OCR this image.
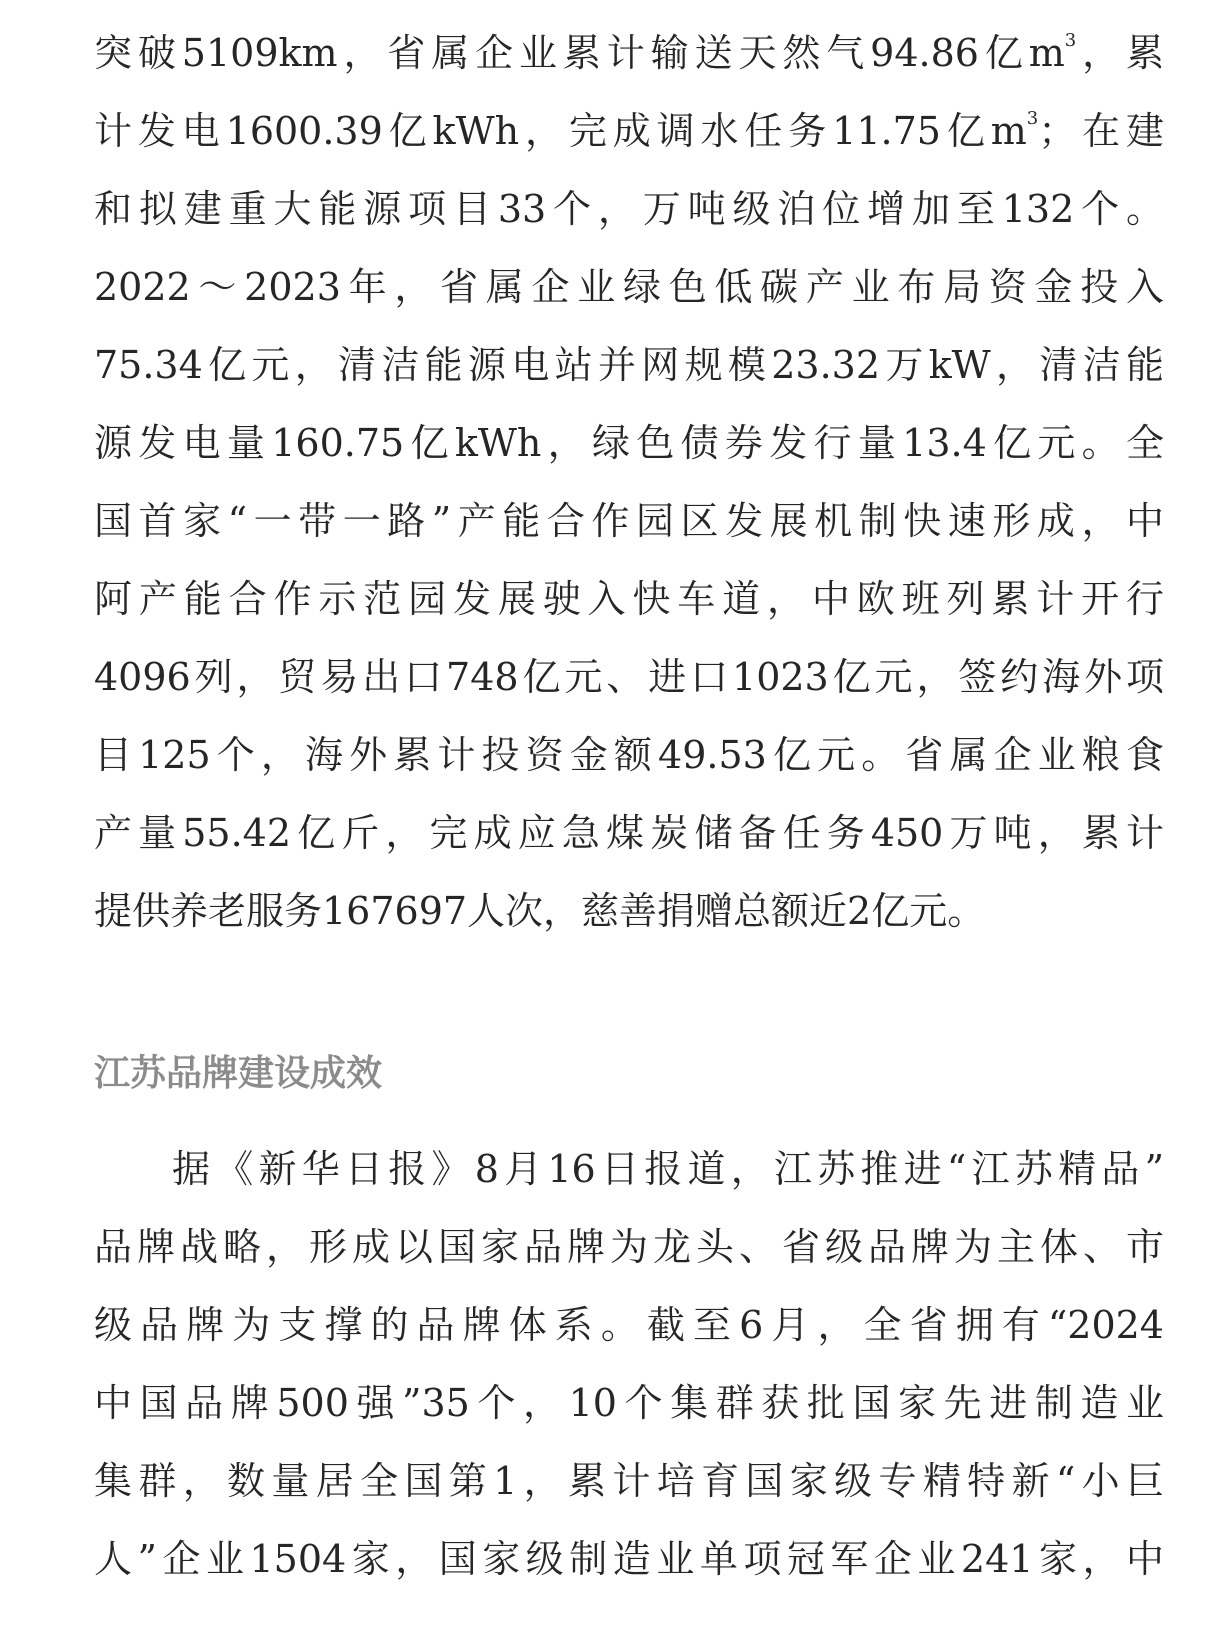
突破5109km，省属企业累计输送天然气94.86亿$m^3$，累
计发电1600.39亿kWh，完成调水任务11.75亿$m^3$；在建
和拟建重大能源项目33个，万吨级泊位增加至132个。
2022～2023年，省属企业绿色低碳产业布局资金投入
75.34亿元，清洁能源电站并网规模23.32万kW，清洁能
源发电量160.75亿kWh，绿色债券发行量13.4亿元。全
国首家“一带一路”产能合作园区发展机制快速形成，中
阿产能合作示范园发展驶入快车道，中欧班列累计开行
4096列，贸易出口748亿元、进口1023亿元，签约海外项
目125个，海外累计投资金额49.53亿元。省属企业粮食
产量55.42亿斤，完成应急煤炭储备任务450万吨，累计
提供养老服务167697人次，慈善捐赠总额近2亿元。
江苏品牌建设成效
据《新华日报》8月16日报道，江苏推进“江苏精品”
品牌战略，形成以国家品牌为龙头、省级品牌为主体、市
级品牌为支撑的品牌体系。截至6月，全省拥有“2024
中国品牌500强”35个，10个集群获批国家先进制造业
集群，数量居全国第1，累计培育国家级专精特新“小巨
人”企业1504家，国家级制造业单项冠军企业241家，中
